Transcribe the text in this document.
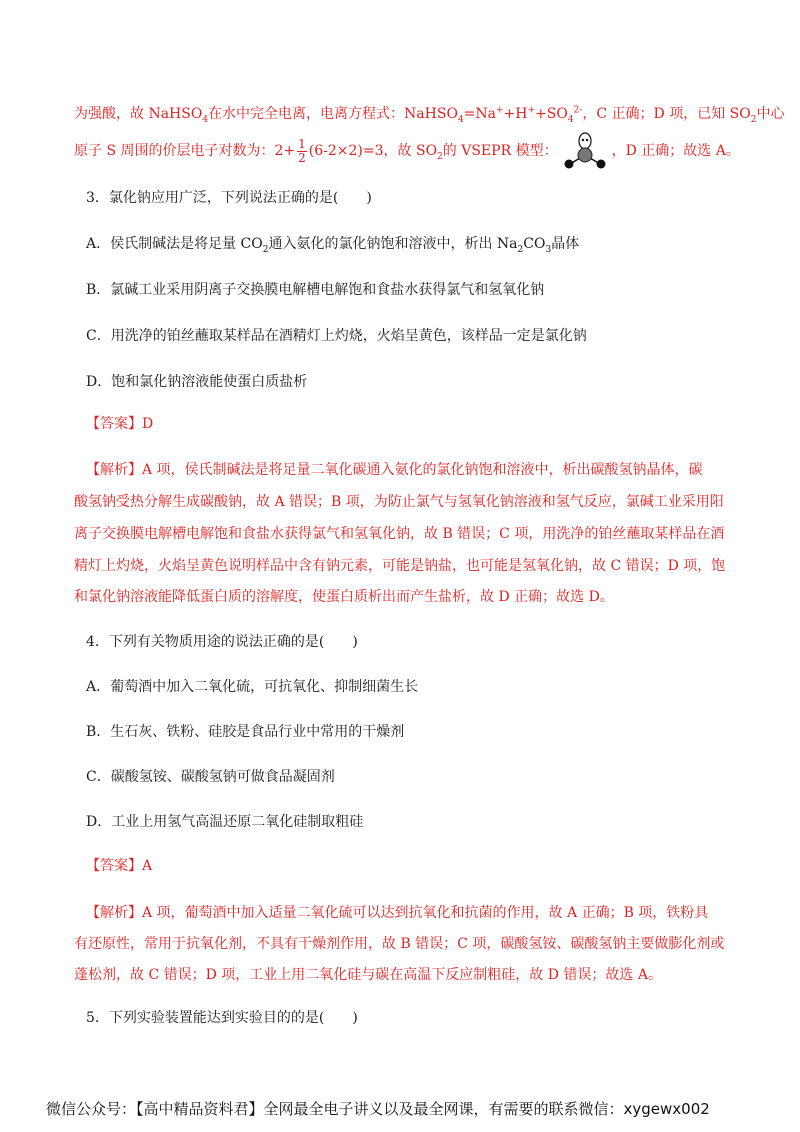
为强酸，故 NaHSO$_4$在水中完全电离，电离方程式：$NaHSO_4=Na^++H^++SO_4^{2-}$，C 正确；D 项，已知 $SO_2$中心
原子 S 周围的价层电子对数为：$2+ \frac{1}{2} (6-2\times 2)=3$，故 $SO_2$的 VSEPR 模型：	，D 正确；故选 A。
3．氯化钠应用广泛，下列说法正确的是(　　)
A．侯氏制碱法是将足量 $CO_2$通入氨化的氯化钠饱和溶液中，析出 $Na_2CO_3$晶体
B．氯碱工业采用阴离子交换膜电解槽电解饱和食盐水获得氯气和氢氧化钠
C．用洗净的铂丝蘸取某样品在酒精灯上灼烧，火焰呈黄色，该样品一定是氯化钠
D．饱和氯化钠溶液能使蛋白质盐析
【答案】D
【解析】A 项，侯氏制碱法是将足量二氧化碳通入氨化的氯化钠饱和溶液中，析出碳酸氢钠晶体，碳
酸氢钠受热分解生成碳酸钠，故 A 错误；B 项，为防止氯气与氢氧化钠溶液和氢气反应，氯碱工业采用阳
离子交换膜电解槽电解饱和食盐水获得氯气和氢氧化钠，故 B 错误；C 项，用洗净的铂丝蘸取某样品在酒
精灯上灼烧，火焰呈黄色说明样品中含有钠元素，可能是钠盐，也可能是氢氧化钠，故 C 错误；D 项，饱
和氯化钠溶液能降低蛋白质的溶解度，使蛋白质析出而产生盐析，故 D 正确；故选 D。
4．下列有关物质用途的说法正确的是(　　)
A．葡萄酒中加入二氧化硫，可抗氧化、抑制细菌生长
B．生石灰、铁粉、硅胶是食品行业中常用的干燥剂
C．碳酸氢铵、碳酸氢钠可做食品凝固剂
D．工业上用氢气高温还原二氧化硅制取粗硅
【答案】A
【解析】A 项，葡萄酒中加入适量二氧化硫可以达到抗氧化和抗菌的作用，故 A 正确；B 项，铁粉具
有还原性，常用于抗氧化剂，不具有干燥剂作用，故 B 错误；C 项，碳酸氢铵、碳酸氢钠主要做膨化剂或
蓬松剂，故 C 错误；D 项，工业上用二氧化硅与碳在高温下反应制粗硅，故 D 错误；故选 A。
5．下列实验装置能达到实验目的的是(　　)
微信公众号：【高中精品资料君】全网最全电子讲义以及最全网课，有需要的联系微信：xygewx002
